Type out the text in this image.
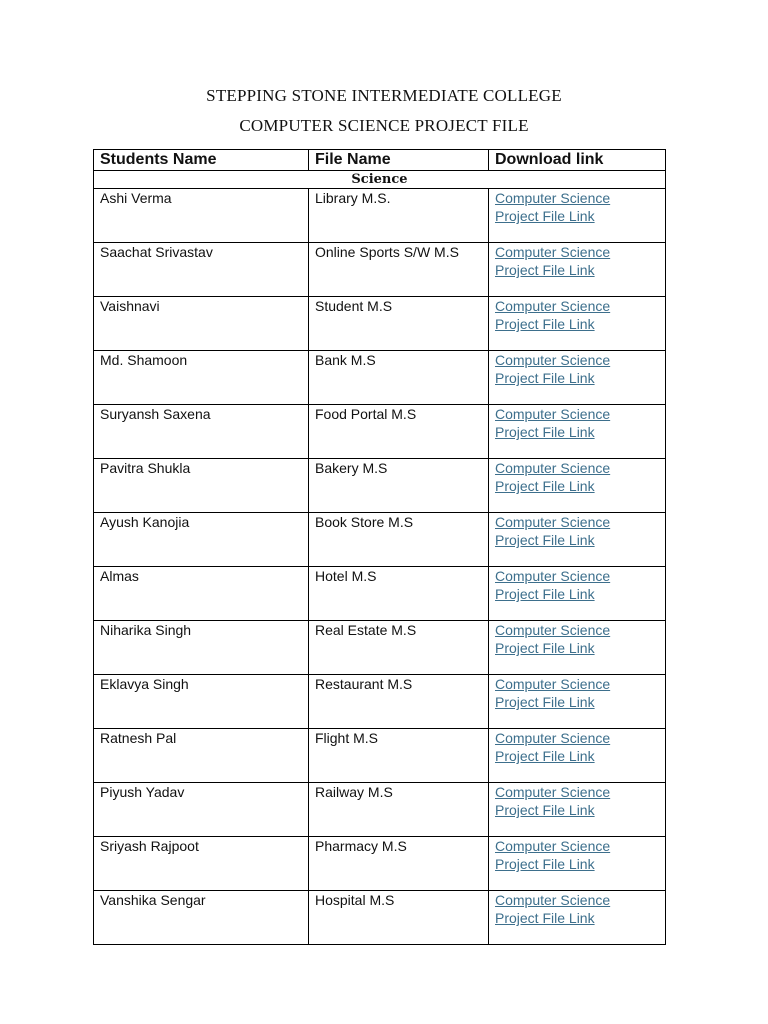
STEPPING STONE INTERMEDIATE COLLEGE
COMPUTER SCIENCE PROJECT FILE
Students Name	File Name	Download link
Science		

Ashi Verma	Library M.S.	Computer Science Project File Link

Saachat Srivastav	Online Sports S/W M.S	Computer Science Project File Link

Vaishnavi	Student M.S	Computer Science Project File Link

Md. Shamoon	Bank M.S	Computer Science Project File Link

Suryansh Saxena	Food Portal M.S	Computer Science Project File Link

Pavitra Shukla	Bakery M.S	Computer Science Project File Link

Ayush Kanojia	Book Store M.S	Computer Science Project File Link

Almas	Hotel M.S	Computer Science Project File Link

Niharika Singh	Real Estate M.S	Computer Science Project File Link

Eklavya Singh	Restaurant M.S	Computer Science Project File Link

Ratnesh Pal	Flight M.S	Computer Science Project File Link

Piyush Yadav	Railway M.S	Computer Science Project File Link

Sriyash Rajpoot	Pharmacy M.S	Computer Science Project File Link

Vanshika Sengar	Hospital M.S	Computer Science Project File Link
